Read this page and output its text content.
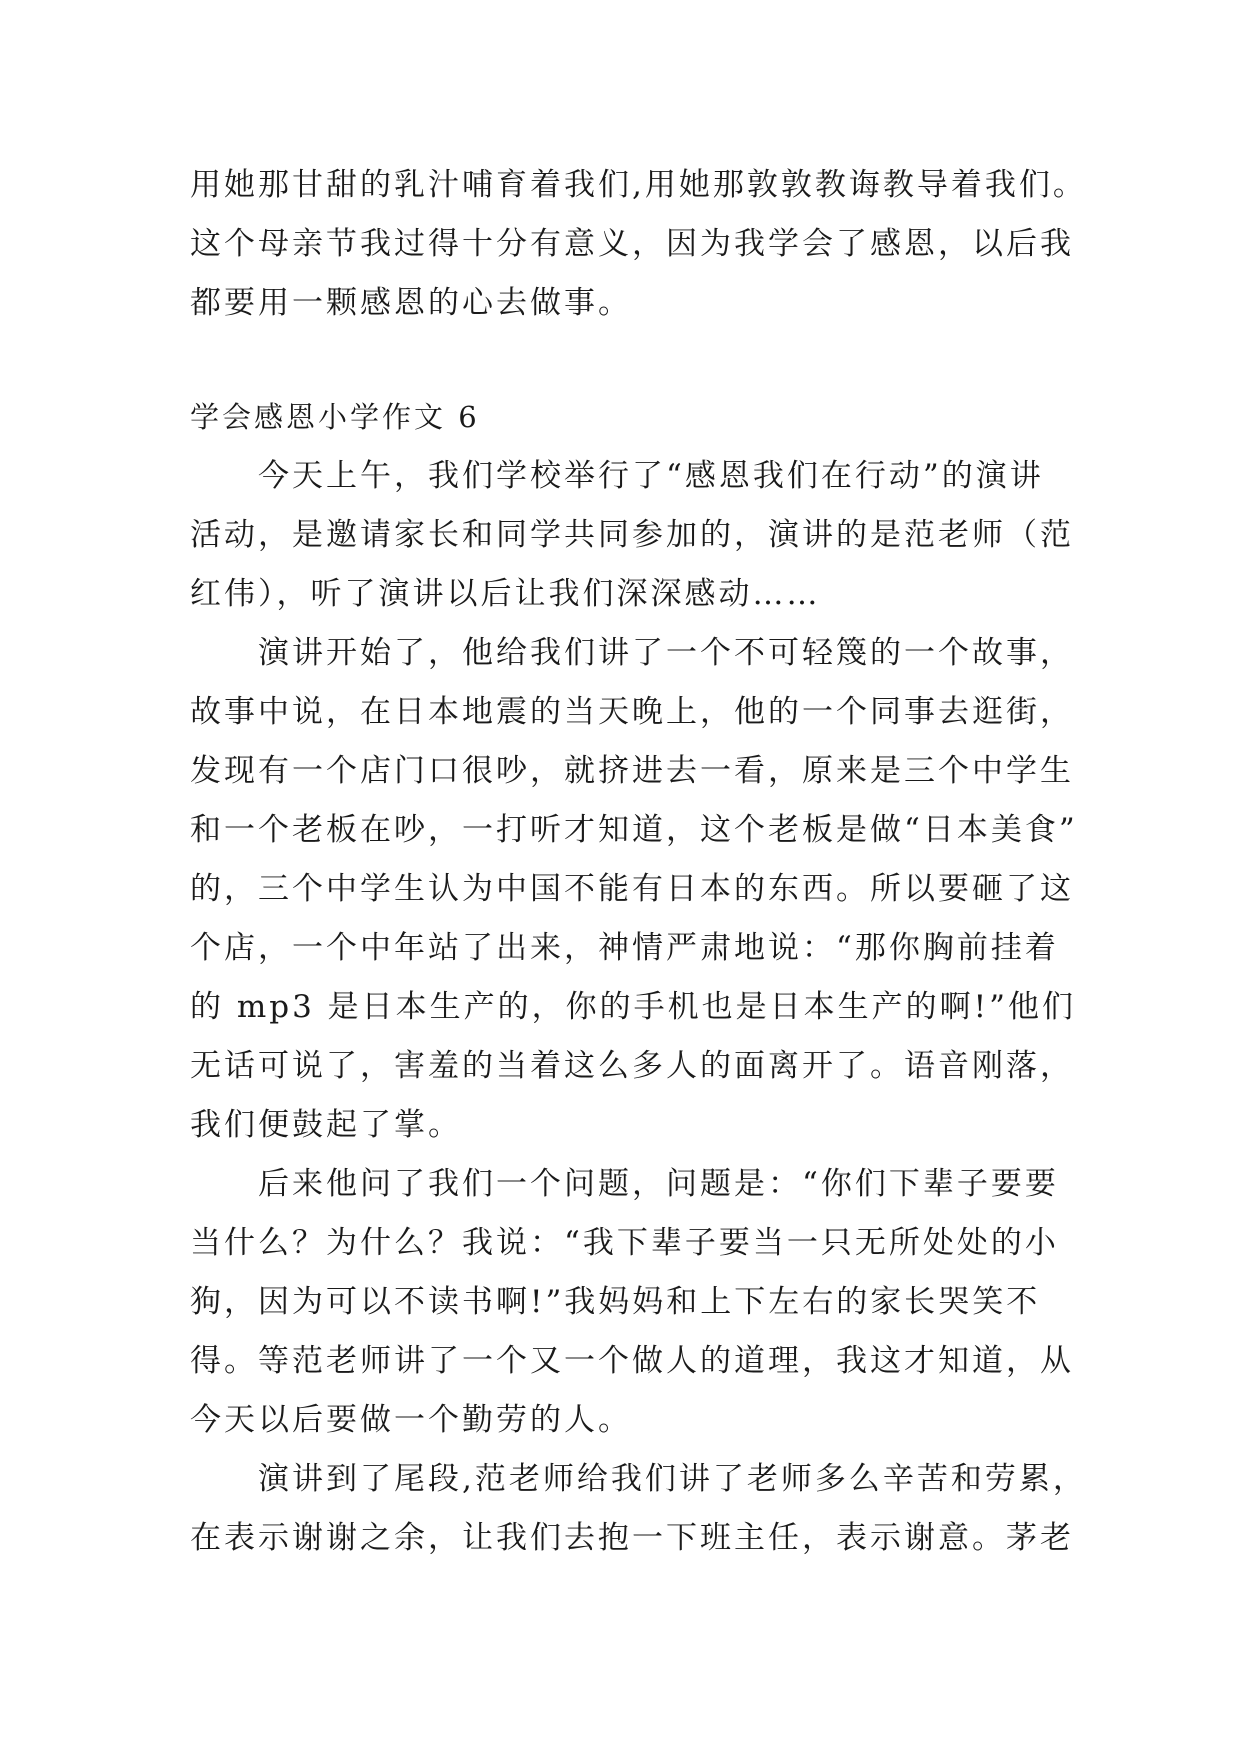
用她那甘甜的乳汁哺育着我们,用她那敦敦教诲教导着我们。
这个母亲节我过得十分有意义，因为我学会了感恩，以后我
都要用一颗感恩的心去做事。
学会感恩小学作文 6
今天上午，我们学校举行了“感恩我们在行动”的演讲
活动，是邀请家长和同学共同参加的，演讲的是范老师（范
红伟），听了演讲以后让我们深深感动……
演讲开始了，他给我们讲了一个不可轻篾的一个故事，
故事中说，在日本地震的当天晚上，他的一个同事去逛街，
发现有一个店门口很吵，就挤进去一看，原来是三个中学生
和一个老板在吵，一打听才知道，这个老板是做“日本美食”
的，三个中学生认为中国不能有日本的东西。所以要砸了这
个店，一个中年站了出来，神情严肃地说：“那你胸前挂着
的 mp3 是日本生产的，你的手机也是日本生产的啊!”他们
无话可说了，害羞的当着这么多人的面离开了。语音刚落，
我们便鼓起了掌。
后来他问了我们一个问题，问题是：“你们下辈子要要
当什么？为什么？我说：“我下辈子要当一只无所处处的小
狗，因为可以不读书啊!”我妈妈和上下左右的家长哭笑不
得。等范老师讲了一个又一个做人的道理，我这才知道，从
今天以后要做一个勤劳的人。
演讲到了尾段,范老师给我们讲了老师多么辛苦和劳累，
在表示谢谢之余，让我们去抱一下班主任，表示谢意。茅老
